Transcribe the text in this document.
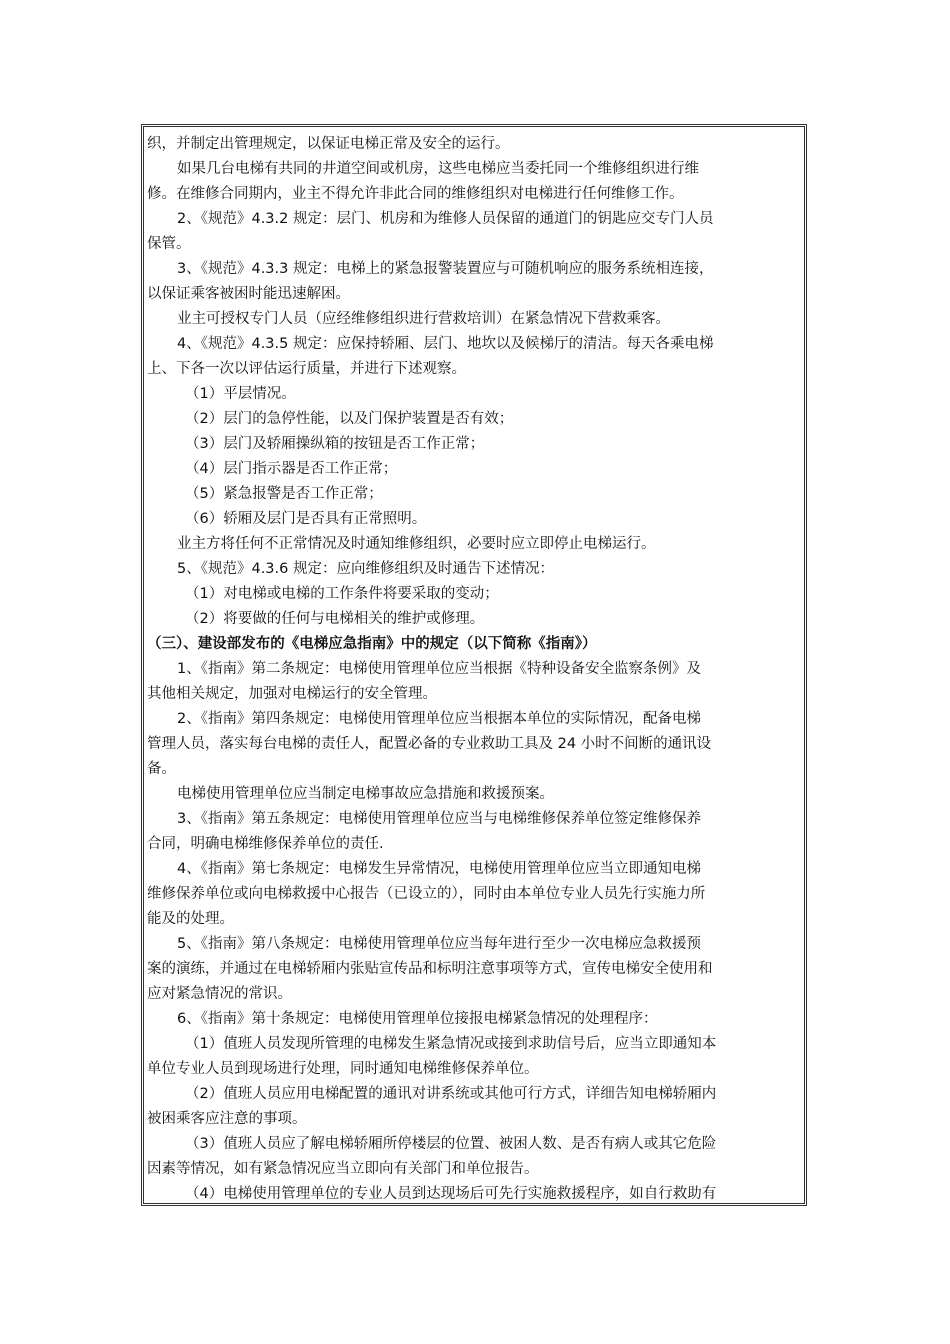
织，并制定出管理规定，以保证电梯正常及安全的运行。
如果几台电梯有共同的井道空间或机房，这些电梯应当委托同一个维修组织进行维
修。在维修合同期内，业主不得允许非此合同的维修组织对电梯进行任何维修工作。
2、《规范》4.3.2 规定：层门、机房和为维修人员保留的通道门的钥匙应交专门人员
保管。
3、《规范》4.3.3 规定：电梯上的紧急报警装置应与可随机响应的服务系统相连接，
以保证乘客被困时能迅速解困。
业主可授权专门人员（应经维修组织进行营救培训）在紧急情况下营救乘客。
4、《规范》4.3.5 规定：应保持轿厢、层门、地坎以及候梯厅的清洁。每天各乘电梯
上、下各一次以评估运行质量，并进行下述观察。
（1）平层情况。
（2）层门的急停性能，以及门保护装置是否有效；
（3）层门及轿厢操纵箱的按钮是否工作正常；
（4）层门指示器是否工作正常；
（5）紧急报警是否工作正常；
（6）轿厢及层门是否具有正常照明。
业主方将任何不正常情况及时通知维修组织，必要时应立即停止电梯运行。
5、《规范》4.3.6 规定：应向维修组织及时通告下述情况：
（1）对电梯或电梯的工作条件将要采取的变动；
（2）将要做的任何与电梯相关的维护或修理。
（三）、建设部发布的《电梯应急指南》中的规定（以下简称《指南》）
1、《指南》第二条规定：电梯使用管理单位应当根据《特种设备安全监察条例》及
其他相关规定，加强对电梯运行的安全管理。
2、《指南》第四条规定：电梯使用管理单位应当根据本单位的实际情况，配备电梯
管理人员，落实每台电梯的责任人，配置必备的专业救助工具及 24 小时不间断的通讯设
备。
电梯使用管理单位应当制定电梯事故应急措施和救援预案。
3、《指南》第五条规定：电梯使用管理单位应当与电梯维修保养单位签定维修保养
合同，明确电梯维修保养单位的责任.
4、《指南》第七条规定：电梯发生异常情况，电梯使用管理单位应当立即通知电梯
维修保养单位或向电梯救援中心报告（已设立的），同时由本单位专业人员先行实施力所
能及的处理。
5、《指南》第八条规定：电梯使用管理单位应当每年进行至少一次电梯应急救援预
案的演练，并通过在电梯轿厢内张贴宣传品和标明注意事项等方式，宣传电梯安全使用和
应对紧急情况的常识。
6、《指南》第十条规定：电梯使用管理单位接报电梯紧急情况的处理程序：
（1）值班人员发现所管理的电梯发生紧急情况或接到求助信号后，应当立即通知本
单位专业人员到现场进行处理，同时通知电梯维修保养单位。
（2）值班人员应用电梯配置的通讯对讲系统或其他可行方式，详细告知电梯轿厢内
被困乘客应注意的事项。
（3）值班人员应了解电梯轿厢所停楼层的位置、被困人数、是否有病人或其它危险
因素等情况，如有紧急情况应当立即向有关部门和单位报告。
（4）电梯使用管理单位的专业人员到达现场后可先行实施救援程序，如自行救助有
